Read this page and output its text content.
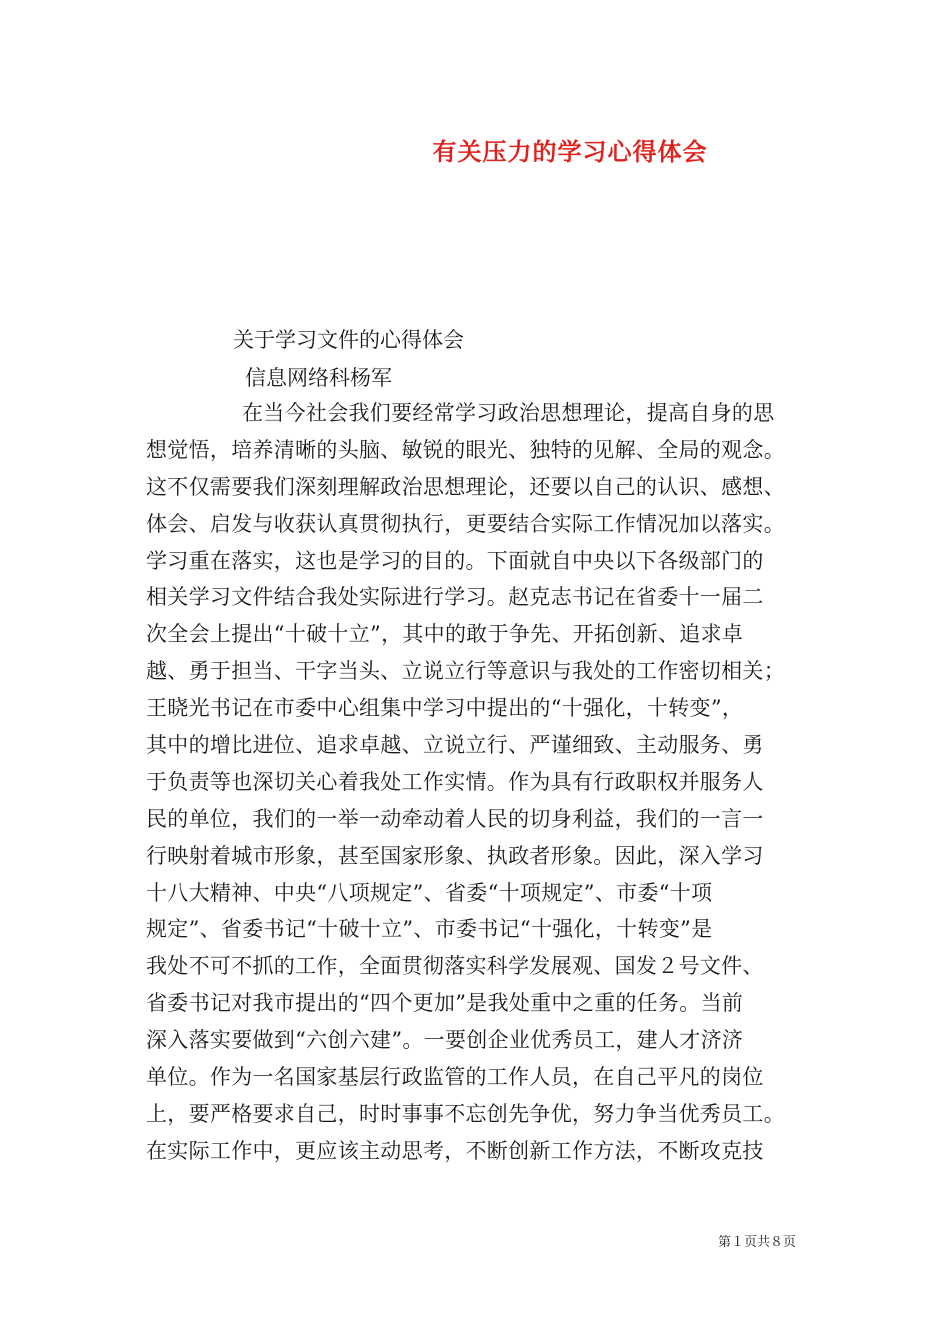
有关压力的学习心得体会
关于学习文件的心得体会
信息网络科杨军
在当今社会我们要经常学习政治思想理论，提高自身的思
想觉悟，培养清晰的头脑、敏锐的眼光、独特的见解、全局的观念。
这不仅需要我们深刻理解政治思想理论，还要以自己的认识、感想、
体会、启发与收获认真贯彻执行，更要结合实际工作情况加以落实。
学习重在落实，这也是学习的目的。下面就自中央以下各级部门的
相关学习文件结合我处实际进行学习。赵克志书记在省委十一届二
次全会上提出“十破十立”，其中的敢于争先、开拓创新、追求卓
越、勇于担当、干字当头、立说立行等意识与我处的工作密切相关；
王晓光书记在市委中心组集中学习中提出的“十强化，十转变”，
其中的增比进位、追求卓越、立说立行、严谨细致、主动服务、勇
于负责等也深切关心着我处工作实情。作为具有行政职权并服务人
民的单位，我们的一举一动牵动着人民的切身利益，我们的一言一
行映射着城市形象，甚至国家形象、执政者形象。因此，深入学习
十八大精神、中央“八项规定”、省委“十项规定”、市委“十项
规定”、省委书记“十破十立”、市委书记“十强化，十转变”是
我处不可不抓的工作，全面贯彻落实科学发展观、国发２号文件、
省委书记对我市提出的“四个更加”是我处重中之重的任务。当前
深入落实要做到“六创六建”。一要创企业优秀员工，建人才济济
单位。作为一名国家基层行政监管的工作人员，在自己平凡的岗位
上，要严格要求自己，时时事事不忘创先争优，努力争当优秀员工。
在实际工作中，更应该主动思考，不断创新工作方法，不断攻克技
第１页共８页
